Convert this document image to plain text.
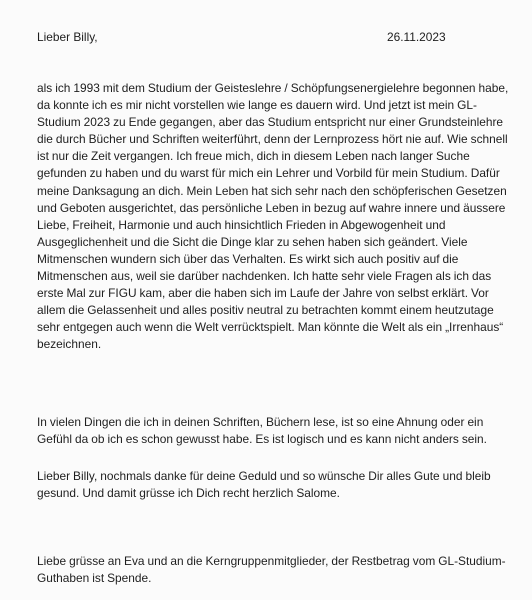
Lieber Billy,	26.11.2023

als ich 1993 mit dem Studium der Geisteslehre / Schöpfungsenergielehre begonnen habe, da konnte ich es mir nicht vorstellen wie lange es dauern wird. Und jetzt ist mein GL-Studium 2023 zu Ende gegangen, aber das Studium entspricht nur einer Grundsteinlehre die durch Bücher und Schriften weiterführt, denn der Lernprozess hört nie auf. Wie schnell ist nur die Zeit vergangen. Ich freue mich, dich in diesem Leben nach langer Suche gefunden zu haben und du warst für mich ein Lehrer und Vorbild für mein Studium. Dafür meine Danksagung an dich. Mein Leben hat sich sehr nach den schöpferischen Gesetzen und Geboten ausgerichtet, das persönliche Leben in bezug auf wahre innere und äussere Liebe, Freiheit, Harmonie und auch hinsichtlich Frieden in Abgewogenheit und Ausgeglichenheit und die Sicht die Dinge klar zu sehen haben sich geändert. Viele Mitmenschen wundern sich über das Verhalten. Es wirkt sich auch positiv auf die Mitmenschen aus, weil sie darüber nachdenken. Ich hatte sehr viele Fragen als ich das erste Mal zur FIGU kam, aber die haben sich im Laufe der Jahre von selbst erklärt. Vor allem die Gelassenheit und alles positiv neutral zu betrachten kommt einem heutzutage sehr entgegen auch wenn die Welt verrücktspielt. Man könnte die Welt als ein „Irrenhaus“ bezeichnen.

In vielen Dingen die ich in deinen Schriften, Büchern lese, ist so eine Ahnung oder ein Gefühl da ob ich es schon gewusst habe. Es ist logisch und es kann nicht anders sein.

Lieber Billy, nochmals danke für deine Geduld und so wünsche Dir alles Gute und bleib gesund. Und damit grüsse ich Dich recht herzlich Salome.

Liebe grüsse an Eva und an die Kerngruppenmitglieder, der Restbetrag vom GL-Studium-Guthaben ist Spende.
